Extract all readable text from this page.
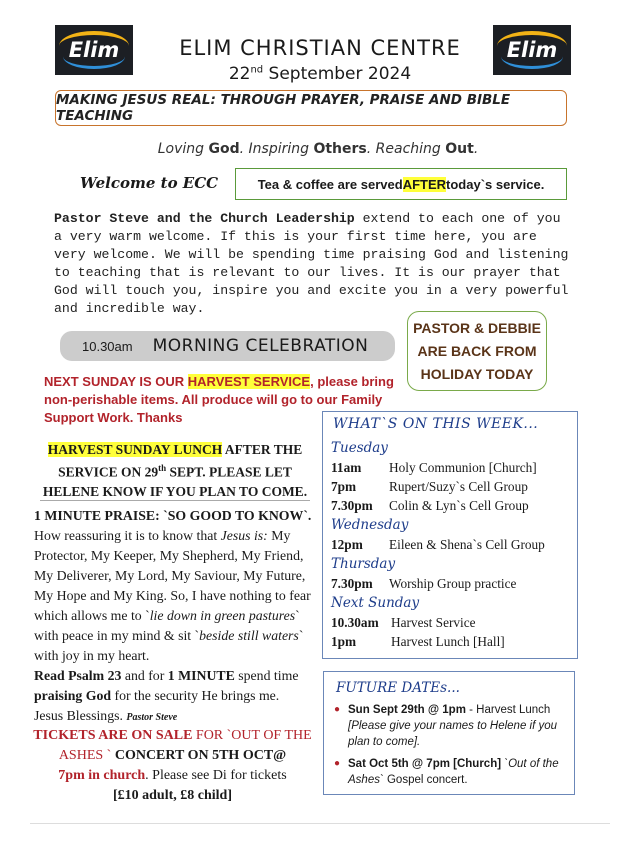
Elim	Elim
ELIM CHRISTIAN CENTRE
22nd September 2024
MAKING JESUS REAL: THROUGH PRAYER, PRAISE AND BIBLE TEACHING
Loving God. Inspiring Others. Reaching Out.
Welcome to ECC	Tea & coffee are served AFTER today`s service.
Pastor Steve and the Church Leadership extend to each one of you a very warm welcome. If this is your first time here, you are very welcome. We will be spending time praising God and listening to teaching that is relevant to our lives. It is our prayer that God will touch you, inspire you and excite you in a very powerful and incredible way.
PASTOR & DEBBIE
ARE BACK FROM
HOLIDAY TODAY
10.30am MORNING CELEBRATION
NEXT SUNDAY IS OUR HARVEST SERVICE, please bring non-perishable items. All produce will go to our Family Support Work. Thanks
HARVEST SUNDAY LUNCH AFTER THE SERVICE ON 29th SEPT. PLEASE LET HELENE KNOW IF YOU PLAN TO COME.
1 MINUTE PRAISE: `SO GOOD TO KNOW`.
How reassuring it is to know that Jesus is: My Protector, My Keeper, My Shepherd, My Friend, My Deliverer, My Lord, My Saviour, My Future, My Hope and My King. So, I have nothing to fear which allows me to `lie down in green pastures` with peace in my mind & sit `beside still waters` with joy in my heart.
Read Psalm 23 and for 1 MINUTE spend time
praising God for the security He brings me.
Jesus Blessings. Pastor Steve
TICKETS ARE ON SALE FOR `OUT OF THE ASHES ` CONCERT ON 5TH OCT@
7pm in church. Please see Di for tickets
[£10 adult, £8 child]
WHAT`S ON THIS WEEK...
Tuesday
11am	Holy Communion [Church]
7pm	Rupert/Suzy`s Cell Group
7.30pm	Colin & Lyn`s Cell Group
Wednesday
12pm	Eileen & Shena`s Cell Group
Thursday
7.30pm	Worship Group practice
Next Sunday
10.30am Harvest Service
1pm	Harvest Lunch [Hall]
FUTURE DATEs...
● Sun Sept 29th @ 1pm - Harvest Lunch
[Please give your names to Helene if you plan to come].
● Sat Oct 5th @ 7pm [Church] `Out of the Ashes` Gospel concert.
